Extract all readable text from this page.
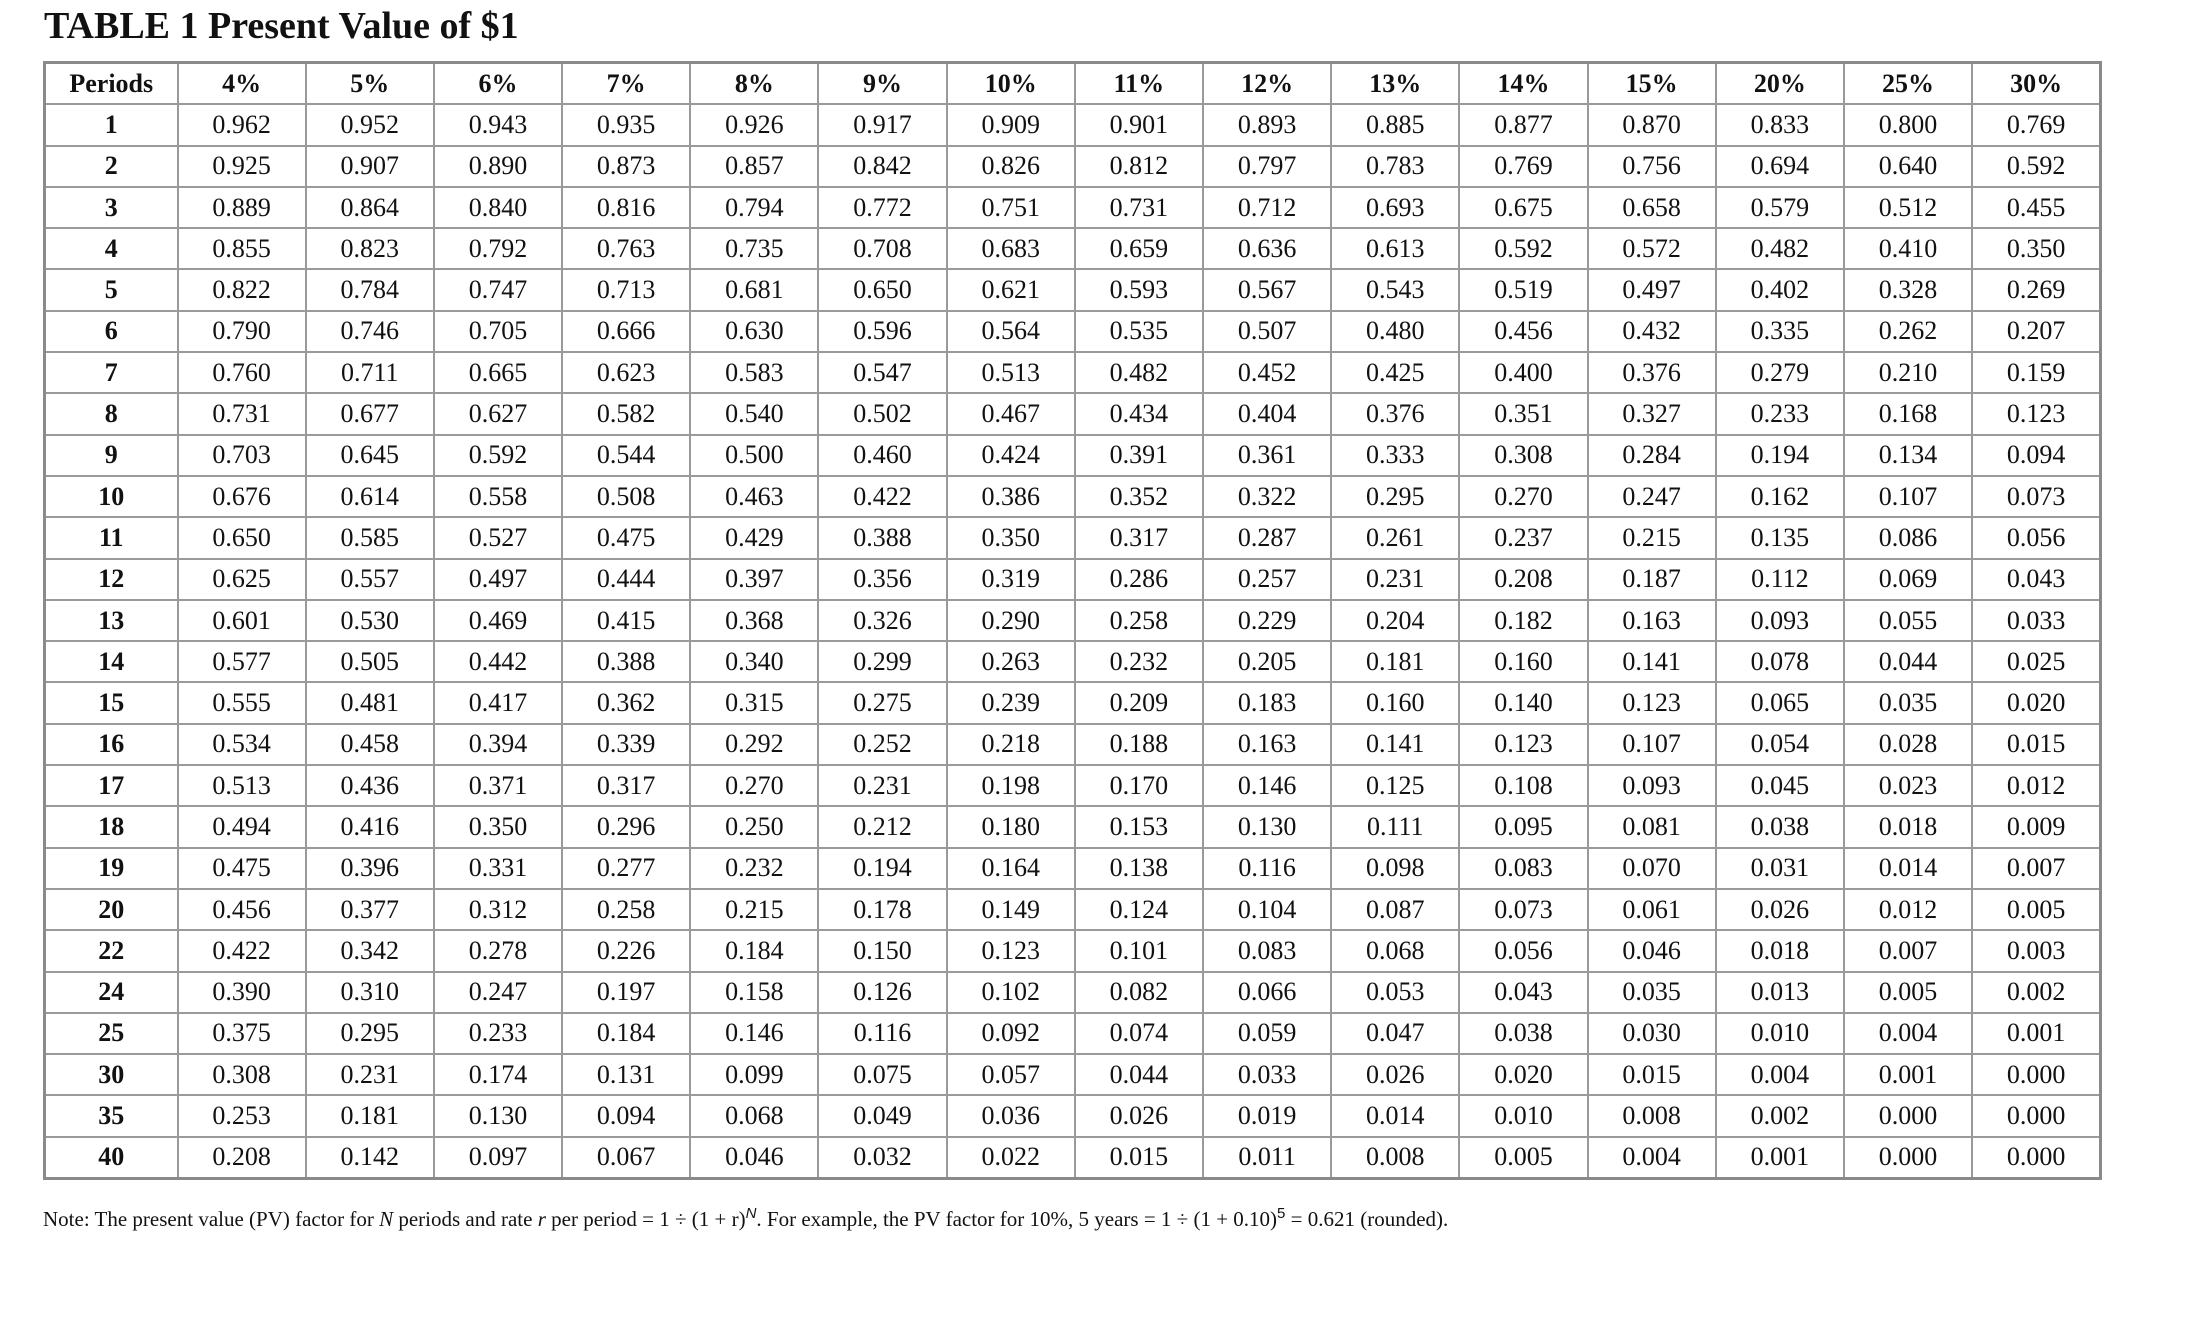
TABLE 1 Present Value of $1
Periods	4%	5%	6%	7%	8%	9%	10%	11%	12%	13%	14%	15%	20%	25%	30%
1	0.962	0.952	0.943	0.935	0.926	0.917	0.909	0.901	0.893	0.885	0.877	0.870	0.833	0.800	0.769
2	0.925	0.907	0.890	0.873	0.857	0.842	0.826	0.812	0.797	0.783	0.769	0.756	0.694	0.640	0.592
3	0.889	0.864	0.840	0.816	0.794	0.772	0.751	0.731	0.712	0.693	0.675	0.658	0.579	0.512	0.455
4	0.855	0.823	0.792	0.763	0.735	0.708	0.683	0.659	0.636	0.613	0.592	0.572	0.482	0.410	0.350
5	0.822	0.784	0.747	0.713	0.681	0.650	0.621	0.593	0.567	0.543	0.519	0.497	0.402	0.328	0.269
6	0.790	0.746	0.705	0.666	0.630	0.596	0.564	0.535	0.507	0.480	0.456	0.432	0.335	0.262	0.207
7	0.760	0.711	0.665	0.623	0.583	0.547	0.513	0.482	0.452	0.425	0.400	0.376	0.279	0.210	0.159
8	0.731	0.677	0.627	0.582	0.540	0.502	0.467	0.434	0.404	0.376	0.351	0.327	0.233	0.168	0.123
9	0.703	0.645	0.592	0.544	0.500	0.460	0.424	0.391	0.361	0.333	0.308	0.284	0.194	0.134	0.094
10	0.676	0.614	0.558	0.508	0.463	0.422	0.386	0.352	0.322	0.295	0.270	0.247	0.162	0.107	0.073
11	0.650	0.585	0.527	0.475	0.429	0.388	0.350	0.317	0.287	0.261	0.237	0.215	0.135	0.086	0.056
12	0.625	0.557	0.497	0.444	0.397	0.356	0.319	0.286	0.257	0.231	0.208	0.187	0.112	0.069	0.043
13	0.601	0.530	0.469	0.415	0.368	0.326	0.290	0.258	0.229	0.204	0.182	0.163	0.093	0.055	0.033
14	0.577	0.505	0.442	0.388	0.340	0.299	0.263	0.232	0.205	0.181	0.160	0.141	0.078	0.044	0.025
15	0.555	0.481	0.417	0.362	0.315	0.275	0.239	0.209	0.183	0.160	0.140	0.123	0.065	0.035	0.020
16	0.534	0.458	0.394	0.339	0.292	0.252	0.218	0.188	0.163	0.141	0.123	0.107	0.054	0.028	0.015
17	0.513	0.436	0.371	0.317	0.270	0.231	0.198	0.170	0.146	0.125	0.108	0.093	0.045	0.023	0.012
18	0.494	0.416	0.350	0.296	0.250	0.212	0.180	0.153	0.130	0.111	0.095	0.081	0.038	0.018	0.009
19	0.475	0.396	0.331	0.277	0.232	0.194	0.164	0.138	0.116	0.098	0.083	0.070	0.031	0.014	0.007
20	0.456	0.377	0.312	0.258	0.215	0.178	0.149	0.124	0.104	0.087	0.073	0.061	0.026	0.012	0.005
22	0.422	0.342	0.278	0.226	0.184	0.150	0.123	0.101	0.083	0.068	0.056	0.046	0.018	0.007	0.003
24	0.390	0.310	0.247	0.197	0.158	0.126	0.102	0.082	0.066	0.053	0.043	0.035	0.013	0.005	0.002
25	0.375	0.295	0.233	0.184	0.146	0.116	0.092	0.074	0.059	0.047	0.038	0.030	0.010	0.004	0.001
30	0.308	0.231	0.174	0.131	0.099	0.075	0.057	0.044	0.033	0.026	0.020	0.015	0.004	0.001	0.000
35	0.253	0.181	0.130	0.094	0.068	0.049	0.036	0.026	0.019	0.014	0.010	0.008	0.002	0.000	0.000
40	0.208	0.142	0.097	0.067	0.046	0.032	0.022	0.015	0.011	0.008	0.005	0.004	0.001	0.000	0.000

Note: The present value (PV) factor for N periods and rate r per period = $1 \div (1 + r)^N$. For example, the PV factor for 10%, 5 years = $1 \div (1 + 0.10)^5 = 0.621$ (rounded).
